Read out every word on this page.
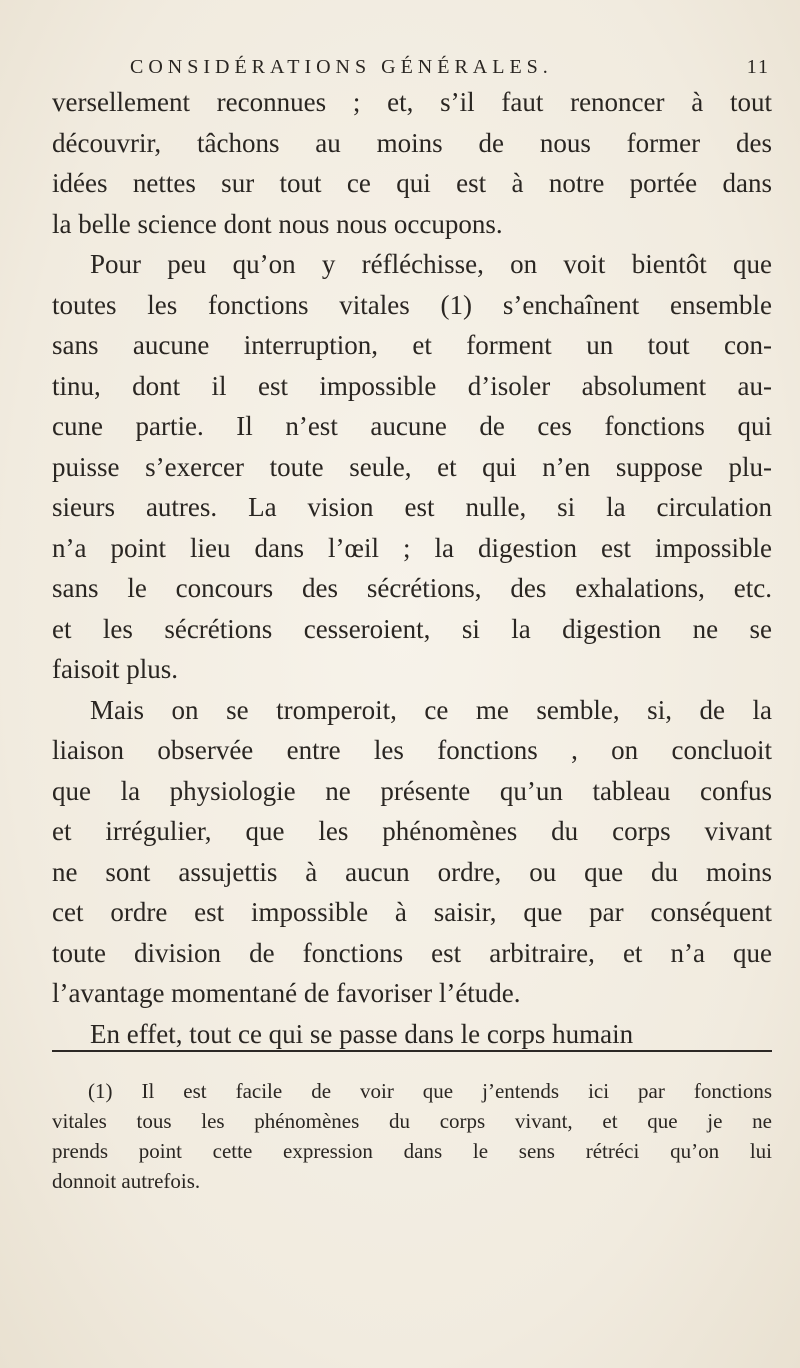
CONSIDÉRATIONS GÉNÉRALES.	11
versellement reconnues ; et, s’il faut renoncer à tout
découvrir, tâchons au moins de nous former des
idées nettes sur tout ce qui est à notre portée dans
la belle science dont nous nous occupons.
Pour peu qu’on y réfléchisse, on voit bientôt que
toutes les fonctions vitales (1) s’enchaînent ensemble
sans aucune interruption, et forment un tout con-
tinu, dont il est impossible d’isoler absolument au-
cune partie. Il n’est aucune de ces fonctions qui
puisse s’exercer toute seule, et qui n’en suppose plu-
sieurs autres. La vision est nulle, si la circulation
n’a point lieu dans l’œil ; la digestion est impossible
sans le concours des sécrétions, des exhalations, etc.
et les sécrétions cesseroient, si la digestion ne se
faisoit plus.
Mais on se tromperoit, ce me semble, si, de la
liaison observée entre les fonctions , on concluoit
que la physiologie ne présente qu’un tableau confus
et irrégulier, que les phénomènes du corps vivant
ne sont assujettis à aucun ordre, ou que du moins
cet ordre est impossible à saisir, que par conséquent
toute division de fonctions est arbitraire, et n’a que
l’avantage momentané de favoriser l’étude.
En effet, tout ce qui se passe dans le corps humain
(1) Il est facile de voir que j’entends ici par fonctions
vitales tous les phénomènes du corps vivant, et que je ne
prends point cette expression dans le sens rétréci qu’on lui
donnoit autrefois.
